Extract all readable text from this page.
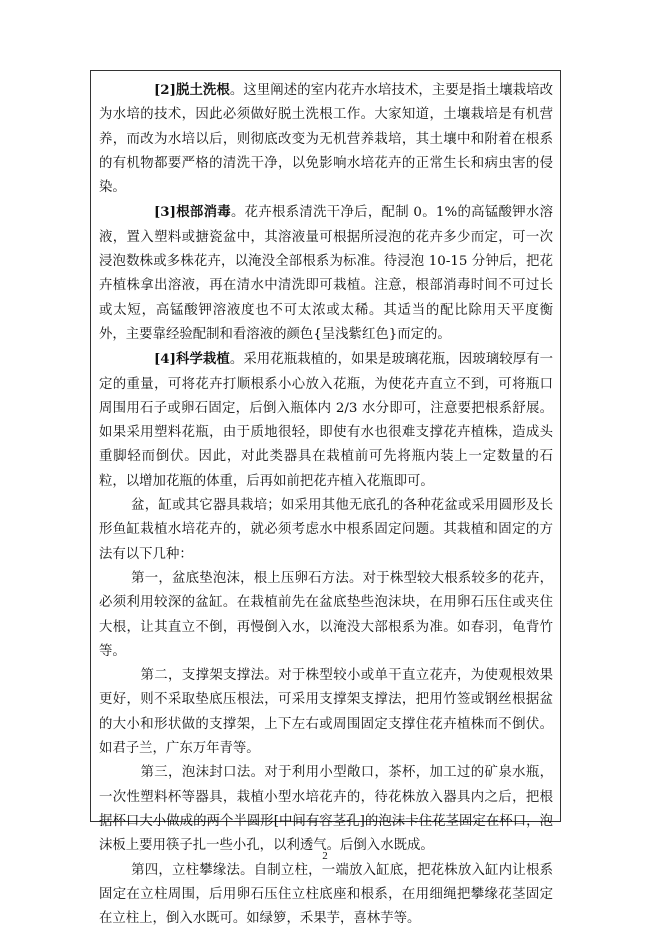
[2]脱土洗根。这里阐述的室内花卉水培技术，主要是指土壤栽培改为水培的技术，因此必须做好脱土洗根工作。大家知道，土壤栽培是有机营养，而改为水培以后，则彻底改变为无机营养栽培，其土壤中和附着在根系的有机物都要严格的清洗干净，以免影响水培花卉的正常生长和病虫害的侵染。

[3]根部消毒。花卉根系清洗干净后，配制 0。1%的高锰酸钾水溶液，置入塑料或搪瓷盆中，其溶液量可根据所浸泡的花卉多少而定，可一次浸泡数株或多株花卉，以淹没全部根系为标准。待浸泡 10-15 分钟后，把花卉植株拿出溶液，再在清水中清洗即可栽植。注意，根部消毒时间不可过长或太短，高锰酸钾溶液度也不可太浓或太稀。其适当的配比除用天平度衡外，主要靠经验配制和看溶液的颜色{呈浅紫红色}而定的。

[4]科学栽植。采用花瓶栽植的，如果是玻璃花瓶，因玻璃较厚有一定的重量，可将花卉打顺根系小心放入花瓶，为使花卉直立不到，可将瓶口周围用石子或卵石固定，后倒入瓶体内 2/3 水分即可，注意要把根系舒展。如果采用塑料花瓶，由于质地很轻，即使有水也很难支撑花卉植株，造成头重脚轻而倒伏。因此，对此类器具在栽植前可先将瓶内装上一定数量的石粒，以增加花瓶的体重，后再如前把花卉植入花瓶即可。

盆，缸或其它器具栽培；如采用其他无底孔的各种花盆或采用圆形及长形鱼缸栽植水培花卉的，就必须考虑水中根系固定问题。其栽植和固定的方法有以下几种：

第一，盆底垫泡沫，根上压卵石方法。对于株型较大根系较多的花卉，必须利用较深的盆缸。在栽植前先在盆底垫些泡沫块，在用卵石压住或夹住大根，让其直立不倒，再慢倒入水，以淹没大部根系为准。如春羽，龟背竹等。

第二，支撑架支撑法。对于株型较小或单干直立花卉，为使观根效果更好，则不采取垫底压根法，可采用支撑架支撑法，把用竹签或钢丝根据盆的大小和形状做的支撑架，上下左右或周围固定支撑住花卉植株而不倒伏。如君子兰，广东万年青等。

第三，泡沫封口法。对于利用小型敞口，茶杯，加工过的矿泉水瓶，一次性塑料杯等器具，栽植小型水培花卉的，待花株放入器具内之后，把根据杯口大小做成的两个半圆形[中间有容茎孔]的泡沫卡住花茎固定在杯口，泡沫板上要用筷子扎一些小孔，以利透气。后倒入水既成。

第四，立柱攀缘法。自制立柱，一端放入缸底，把花株放入缸内让根系固定在立柱周围，后用卵石压住立柱底座和根系，在用细绳把攀缘花茎固定在立柱上，倒入水既可。如绿箩，禾果芋，喜林芋等。

2
